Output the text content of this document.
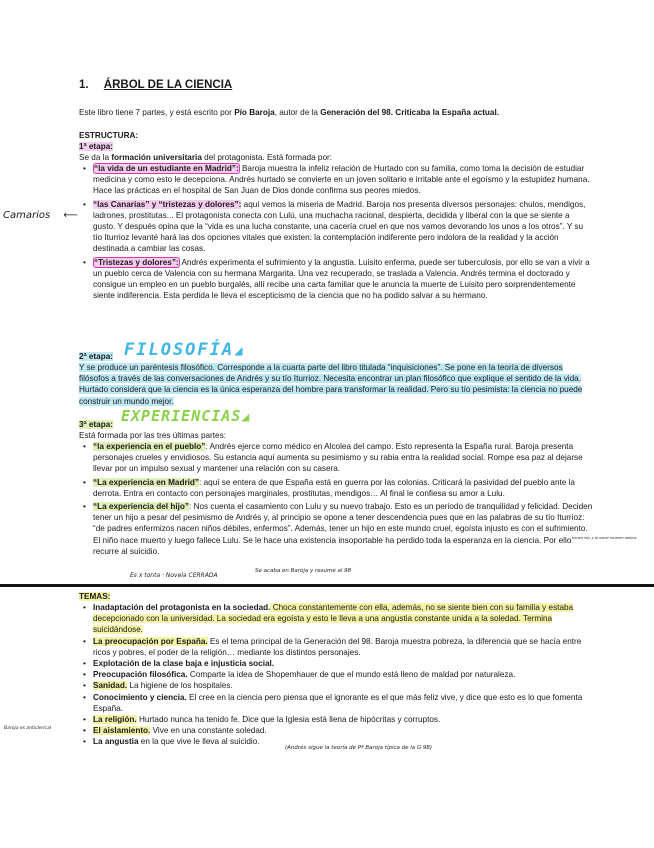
1. ÁRBOL DE LA CIENCIA
Este libro tiene 7 partes, y está escrito por Pío Baroja, autor de la Generación del 98. Criticaba la España actual.
ESTRUCTURA:
1ª etapa:
Se da la formación universitaria del protagonista. Está formada por:
• “la vida de un estudiante en Madrid”: Baroja muestra la infeliz relación de Hurtado con su familia, como toma la decisión de estudiar medicina y como esto le decepciona. Andrés hurtado se convierte en un joven solitario e irritable ante el egoísmo y la estupidez humana. Hace las prácticas en el hospital de San Juan de Dios donde confirma sus peores miedos.
• “las Canarias” y “tristezas y dolores”: aquí vemos la miseria de Madrid. Baroja nos presenta diversos personajes: chulos, mendigos, ladrones, prostitutas... El protagonista conecta con Lulú, una muchacha racional, despierta, decidida y liberal con la que se siente a gusto. Y después opina que la “vida es una lucha constante, una cacería cruel en que nos vamos devorando los unos a los otros”. Y su tío Iturrioz levanté hará las dos opciones vitales que existen: la contemplación indiferente pero indolora de la realidad y la acción destinada a cambiar las cosas.
• “Tristezas y dolores”: Andrés experimenta el sufrimiento y la angustia. Luisito enferma, puede ser tuberculosis, por ello se van a vivir a un pueblo cerca de Valencia con su hermana Margarita. Una vez recuperado, se traslada a Valencia. Andrés termina el doctorado y consigue un empleo en un pueblo burgalés, allí recibe una carta familiar que le anuncia la muerte de Luisito pero sorprendentemente siente indiferencia. Esta perdida le lleva el escepticismo de la ciencia que no ha podido salvar a su hermano.
Camarios ⟵
2ª etapa: FILOSOFÍA◢
Y se produce un paréntesis filosófico. Corresponde a la cuarta parte del libro titulada “inquisiciones”. Se pone en la teoría de diversos filósofos a través de las conversaciones de Andrés y su tío Iturrioz. Necesita encontrar un plan filosófico que explique el sentido de la vida. Hurtado considera que la ciencia es la única esperanza del hombre para transformar la realidad. Pero su tío pesimista: la ciencia no puede construir un mundo mejor.
3ª etapa: EXPERIENCIAS◢
Está formada por las tres últimas partes:
• “la experiencia en el pueblo”: Andrés ejerce como médico en Alcolea del campo. Esto representa la España rural. Baroja presenta personajes crueles y envidiosos. Su estancia aquí aumenta su pesimismo y su rabia entra la realidad social. Rompe esa paz al dejarse llevar por un impulso sexual y mantener una relación con su casera.
• “La experiencia en Madrid”: aquí se entera de que España está en guerra por las colonias. Criticará la pasividad del pueblo ante la derrota. Entra en contacto con personajes marginales, prostitutas, mendigos… Al final le confiesa su amor a Lulu.
• “La experiencia del hijo”: Nos cuenta el casamiento con Lulu y su nuevo trabajo. Esto es un periodo de tranquilidad y felicidad. Deciden tener un hijo a pesar del pesimismo de Andrés y, al principio se opone a tener descendencia pues que en las palabras de su tío Iturrioz: “de padres enfermizos nacen niños débiles, enfermos”. Además, tener un hijo en este mundo cruel, egoísta injusto es con el sufrimiento. El niño nace muerto y luego fallece Lulu. Se le hace una existencia insoportable ha perdido toda la esperanza en la ciencia. Por ello recurre al suicidio.
Es x tonta · Novela CERRADA
Se acaba en Baroja y resume al 98
tienen hijo y al nacer mueren ambos
TEMAS:
• Inadaptación del protagonista en la sociedad. Choca constantemente con ella, además, no se siente bien con su familia y estaba decepcionado con la universidad. La sociedad era egoísta y esto le lleva a una angustia constante unida a la soledad. Termina suicidándose.
• La preocupación por España. Es el tema principal de la Generación del 98. Baroja muestra pobreza, la diferencia que se hacía entre ricos y pobres, el poder de la religión… mediante los distintos personajes.
• Explotación de la clase baja e injusticia social.
• Preocupación filosófica. Comparte la idea de Shopemhauer de que el mundo está lleno de maldad por naturaleza.
• Sanidad. La higiene de los hospitales.
• Conocimiento y ciencia. El cree en la ciencia pero piensa que el ignorante es el que más feliz vive, y dice que esto es lo que fomenta España.
• La religión. Hurtado nunca ha tenido fe. Dice que la Iglesia está llena de hipócritas y corruptos.
• El aislamiento. Vive en una constante soledad.
• La angustia en la que vive le lleva al suicidio.
Baroja es anticlerical
(Andrés sigue la teoría de Pª Baroja típica de la G 98)
